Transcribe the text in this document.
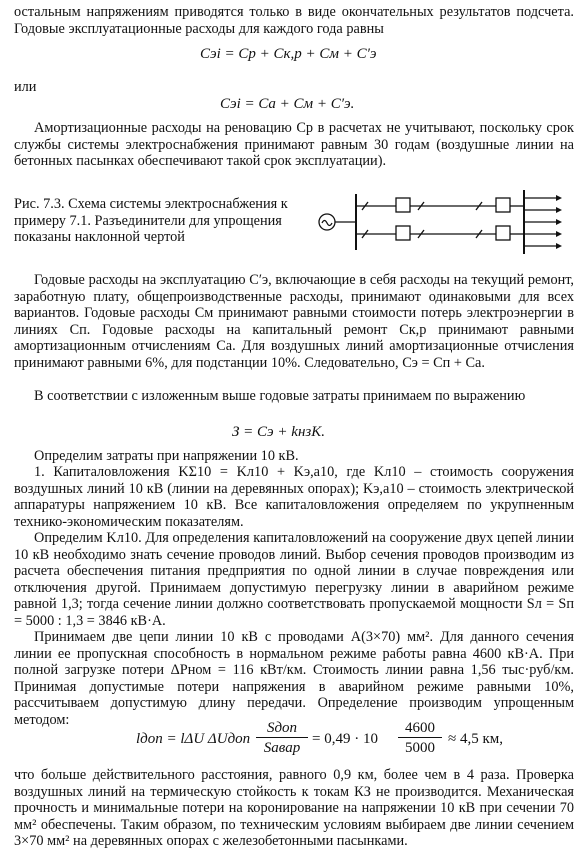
остальным напряжениям приводятся только в виде окончательных результатов подсчета. Годовые эксплуатационные расходы для каждого года равны
Cэi = Cр + Cк,р + Cм + C′э
или
Cэi = Cа + Cм + C′э.
Амортизационные расходы на реновацию Cр в расчетах не учитывают, поскольку срок службы системы электроснабжения принимают равным 30 годам (воздушные линии на бетонных пасынках обеспечивают такой срок эксплуатации).
Рис. 7.3. Схема системы электроснабжения к примеру 7.1. Разъединители для упрощения показаны наклонной чертой
Годовые расходы на эксплуатацию C′э, включающие в себя расходы на текущий ремонт, заработную плату, общепроизводственные расходы, принимают одинаковыми для всех вариантов. Годовые расходы Cм принимают равными стоимости потерь электроэнергии в линиях Cп. Годовые расходы на капитальный ремонт Cк,р принимают равными амортизационным отчислениям Cа. Для воздушных линий амортизационные отчисления принимают равными 6%, для подстанции 10%. Следовательно, Cэ = Cп + Cа.
В соответствии с изложенным выше годовые затраты принимаем по выражению
З = Cэ + kнзK.
Определим затраты при напряжении 10 кВ.
1. Капиталовложения KΣ10 = Kл10 + Kэ,а10, где Kл10 – стоимость сооружения воздушных линий 10 кВ (линии на деревянных опорах); Kэ,а10 – стоимость электрической аппаратуры напряжением 10 кВ. Все капиталовложения определяем по укрупненным технико-экономическим показателям.
Определим Kл10. Для определения капиталовложений на сооружение двух цепей линии 10 кВ необходимо знать сечение проводов линий. Выбор сечения проводов производим из расчета обеспечения питания предприятия по одной линии в случае повреждения или отключения другой. Принимаем допустимую перегрузку линии в аварийном режиме равной 1,3; тогда сечение линии должно соответствовать пропускаемой мощности Sл = Sп = 5000 : 1,3 = 3846 кВ·А.
Принимаем две цепи линии 10 кВ с проводами А(3×70) мм². Для данного сечения линии ее пропускная способность в нормальном режиме работы равна 4600 кВ·А. При полной загрузке потери ΔPном = 116 кВт/км. Стоимость линии равна 1,56 тыс·руб/км. Принимая допустимые потери напряжения в аварийном режиме равными 10%, рассчитываем допустимую длину передачи. Определение производим упрощенным методом:
lдоп = lΔU ΔUдоп
Sдоп
Sавар
= 0,49 · 10
4600
5000
≈ 4,5 км,
что больше действительного расстояния, равного 0,9 км, более чем в 4 раза. Проверка воздушных линий на термическую стойкость к токам КЗ не производится. Механическая прочность и минимальные потери на коронирование на напряжении 10 кВ при сечении 70 мм² обеспечены. Таким образом, по техническим условиям выбираем две линии сечением 3×70 мм² на деревянных опорах с железобетонными пасынками.
